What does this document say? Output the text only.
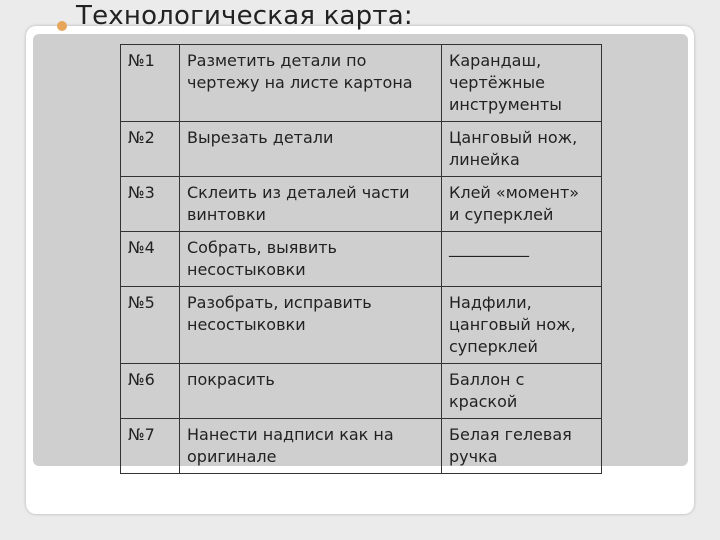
Технологическая карта:
№1	Разметить детали по чертежу на листе картона	Карандаш, чертёжные инструменты
№2	Вырезать детали	Цанговый нож, линейка
№3	Склеить из деталей части винтовки	Клей «момент» и суперклей
№4	Собрать, выявить несостыковки	__________
№5	Разобрать, исправить несостыковки	Надфили, цанговый нож, суперклей
№6	покрасить	Баллон с краской
№7	Нанести надписи как на оригинале	Белая гелевая ручка
